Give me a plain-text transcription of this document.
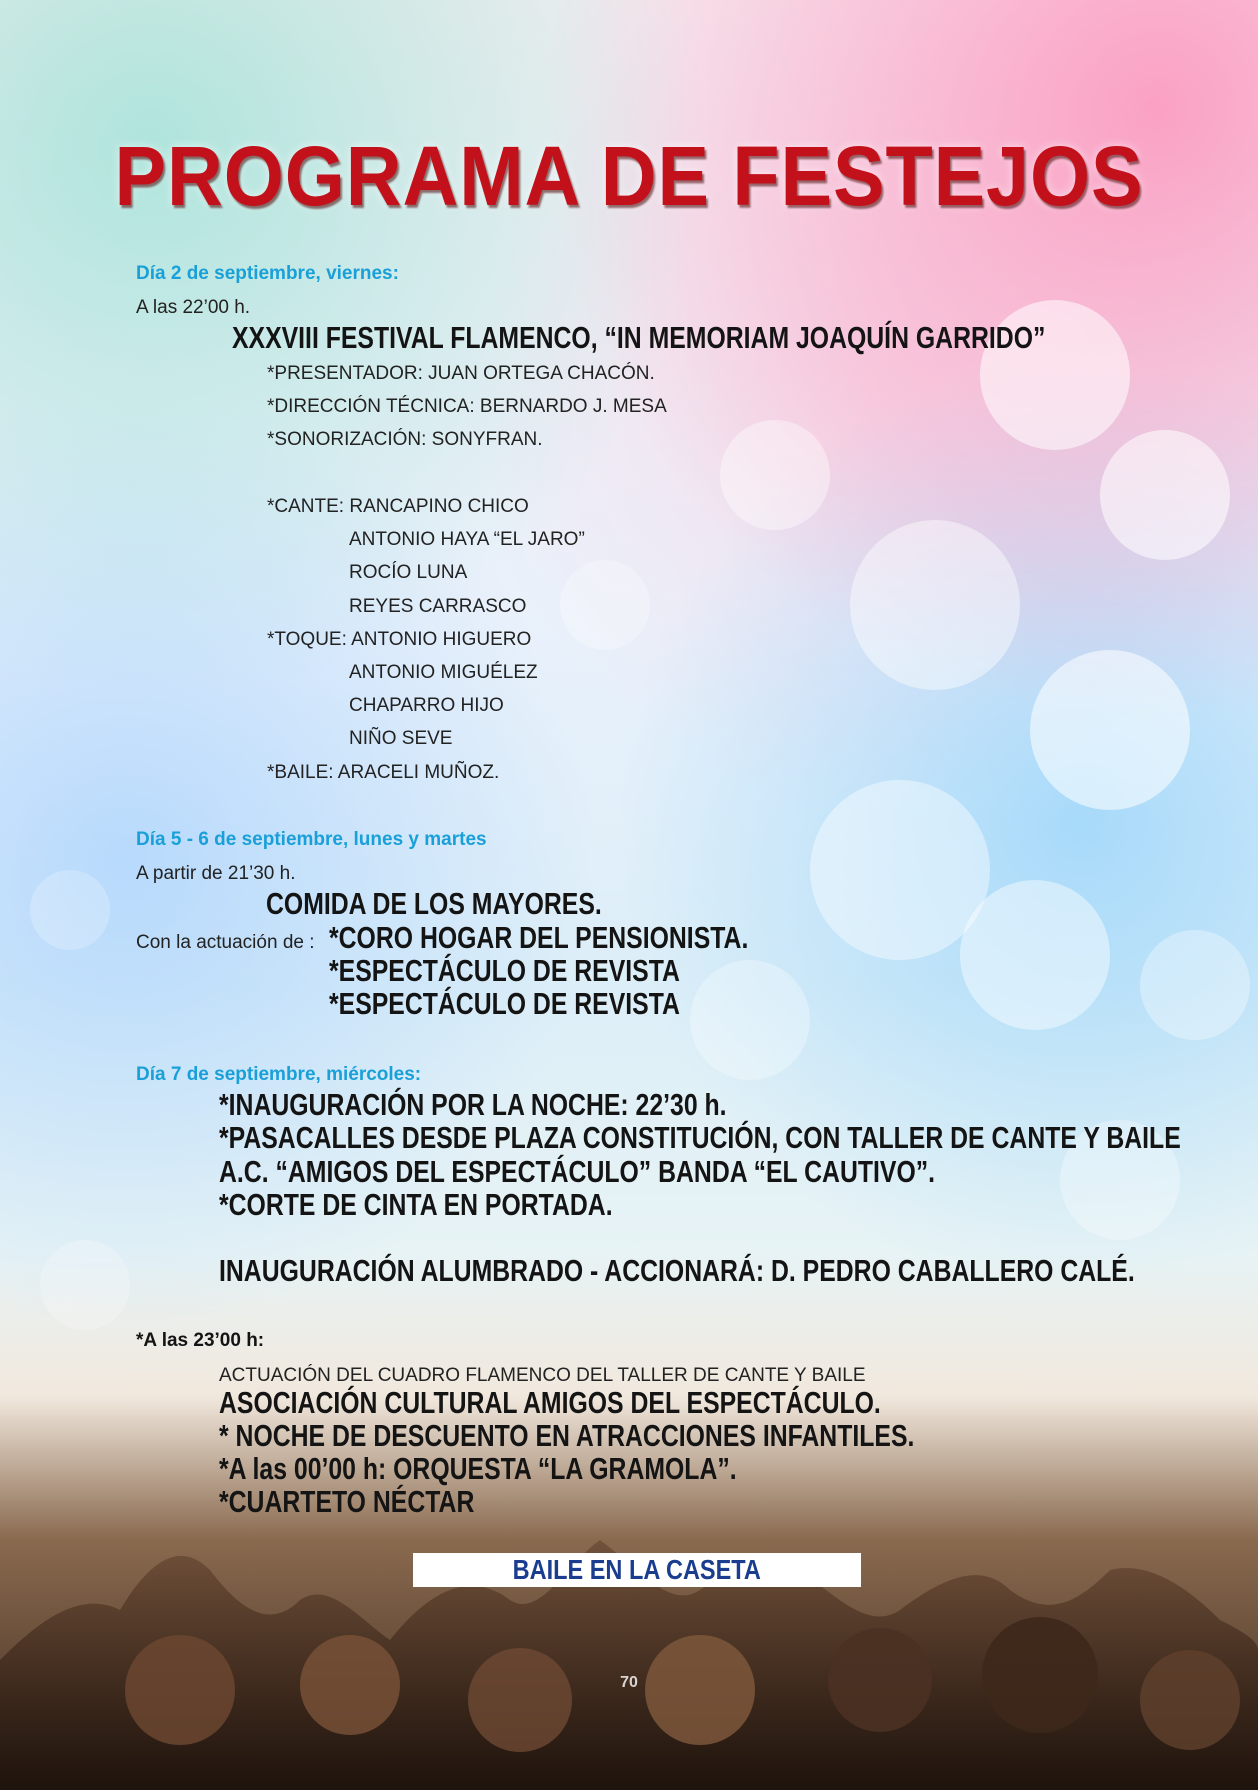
PROGRAMA DE FESTEJOS
Día 2 de septiembre, viernes:
A las 22’00 h.
XXXVIII FESTIVAL FLAMENCO, “IN MEMORIAM JOAQUÍN GARRIDO”
*PRESENTADOR: JUAN ORTEGA CHACÓN.
*DIRECCIÓN TÉCNICA: BERNARDO J. MESA
*SONORIZACIÓN: SONYFRAN.
*CANTE: RANCAPINO CHICO
ANTONIO HAYA “EL JARO”
ROCÍO LUNA
REYES CARRASCO
*TOQUE: ANTONIO HIGUERO
ANTONIO MIGUÉLEZ
CHAPARRO HIJO
NIÑO SEVE
*BAILE: ARACELI MUÑOZ.
Día 5 - 6 de septiembre, lunes y martes
A partir de 21’30 h.
COMIDA DE LOS MAYORES.
Con la actuación de : *CORO HOGAR DEL PENSIONISTA.
*ESPECTÁCULO DE REVISTA
*ESPECTÁCULO DE REVISTA
Día 7 de septiembre, miércoles:
*INAUGURACIÓN POR LA NOCHE: 22’30 h.
*PASACALLES DESDE PLAZA CONSTITUCIÓN, CON TALLER DE CANTE Y BAILE
A.C. “AMIGOS DEL ESPECTÁCULO” BANDA “EL CAUTIVO”.
*CORTE DE CINTA EN PORTADA.
INAUGURACIÓN ALUMBRADO - ACCIONARÁ: D. PEDRO CABALLERO CALÉ.
*A las 23’00 h:
ACTUACIÓN DEL CUADRO FLAMENCO DEL TALLER DE CANTE Y BAILE
ASOCIACIÓN CULTURAL AMIGOS DEL ESPECTÁCULO.
* NOCHE DE DESCUENTO EN ATRACCIONES INFANTILES.
*A las 00’00 h: ORQUESTA “LA GRAMOLA”.
*CUARTETO NÉCTAR
BAILE EN LA CASETA
70
